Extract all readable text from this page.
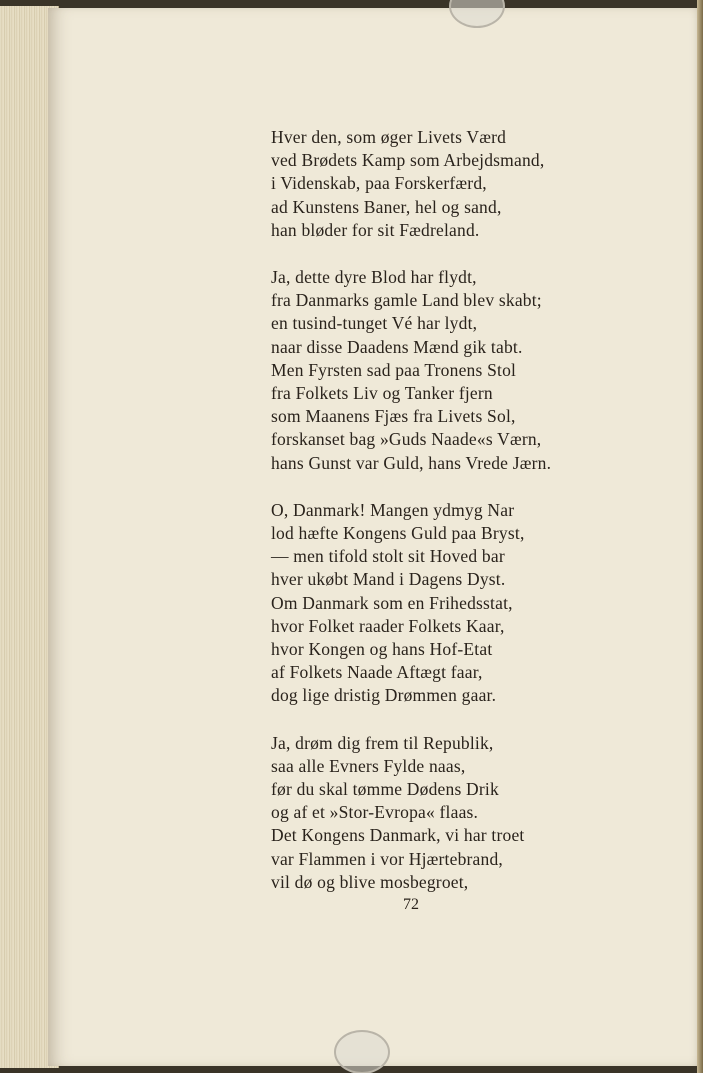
Hver den, som øger Livets Værd
ved Brødets Kamp som Arbejdsmand,
i Videnskab, paa Forskerfærd,
ad Kunstens Baner, hel og sand,
han bløder for sit Fædreland.
Ja, dette dyre Blod har flydt,
fra Danmarks gamle Land blev skabt;
en tusind-tunget Vé har lydt,
naar disse Daadens Mænd gik tabt.
Men Fyrsten sad paa Tronens Stol
fra Folkets Liv og Tanker fjern
som Maanens Fjæs fra Livets Sol,
forskanset bag »Guds Naade«s Værn,
hans Gunst var Guld, hans Vrede Jærn.
O, Danmark! Mangen ydmyg Nar
lod hæfte Kongens Guld paa Bryst,
— men tifold stolt sit Hoved bar
hver ukøbt Mand i Dagens Dyst.
Om Danmark som en Frihedsstat,
hvor Folket raader Folkets Kaar,
hvor Kongen og hans Hof-Etat
af Folkets Naade Aftægt faar,
dog lige dristig Drømmen gaar.
Ja, drøm dig frem til Republik,
saa alle Evners Fylde naas,
før du skal tømme Dødens Drik
og af et »Stor-Evropa« flaas.
Det Kongens Danmark, vi har troet
var Flammen i vor Hjærtebrand,
vil dø og blive mosbegroet,
72
